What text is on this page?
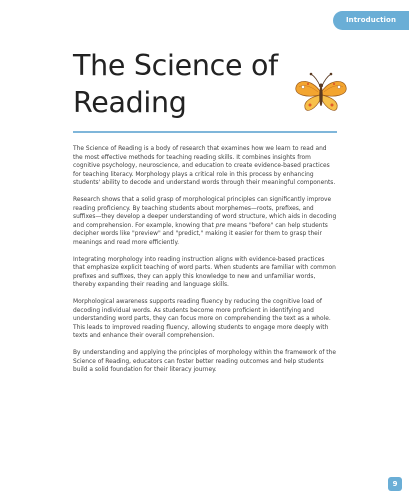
Introduction
The Science of Reading

The Science of Reading is a body of research that examines how we learn to read and the most effective methods for teaching reading skills. It combines insights from cognitive psychology, neuroscience, and education to create evidence-based practices for teaching literacy. Morphology plays a critical role in this process by enhancing students' ability to decode and understand words through their meaningful components.

Research shows that a solid grasp of morphological principles can significantly improve reading proficiency. By teaching students about morphemes—roots, prefixes, and suffixes—they develop a deeper understanding of word structure, which aids in decoding and comprehension. For example, knowing that pre means "before" can help students decipher words like "preview" and "predict," making it easier for them to grasp their meanings and read more efficiently.

Integrating morphology into reading instruction aligns with evidence-based practices that emphasize explicit teaching of word parts. When students are familiar with common prefixes and suffixes, they can apply this knowledge to new and unfamiliar words, thereby expanding their reading and language skills.

Morphological awareness supports reading fluency by reducing the cognitive load of decoding individual words. As students become more proficient in identifying and understanding word parts, they can focus more on comprehending the text as a whole. This leads to improved reading fluency, allowing students to engage more deeply with texts and enhance their overall comprehension.

By understanding and applying the principles of morphology within the framework of the Science of Reading, educators can foster better reading outcomes and help students build a solid foundation for their literacy journey.

9
